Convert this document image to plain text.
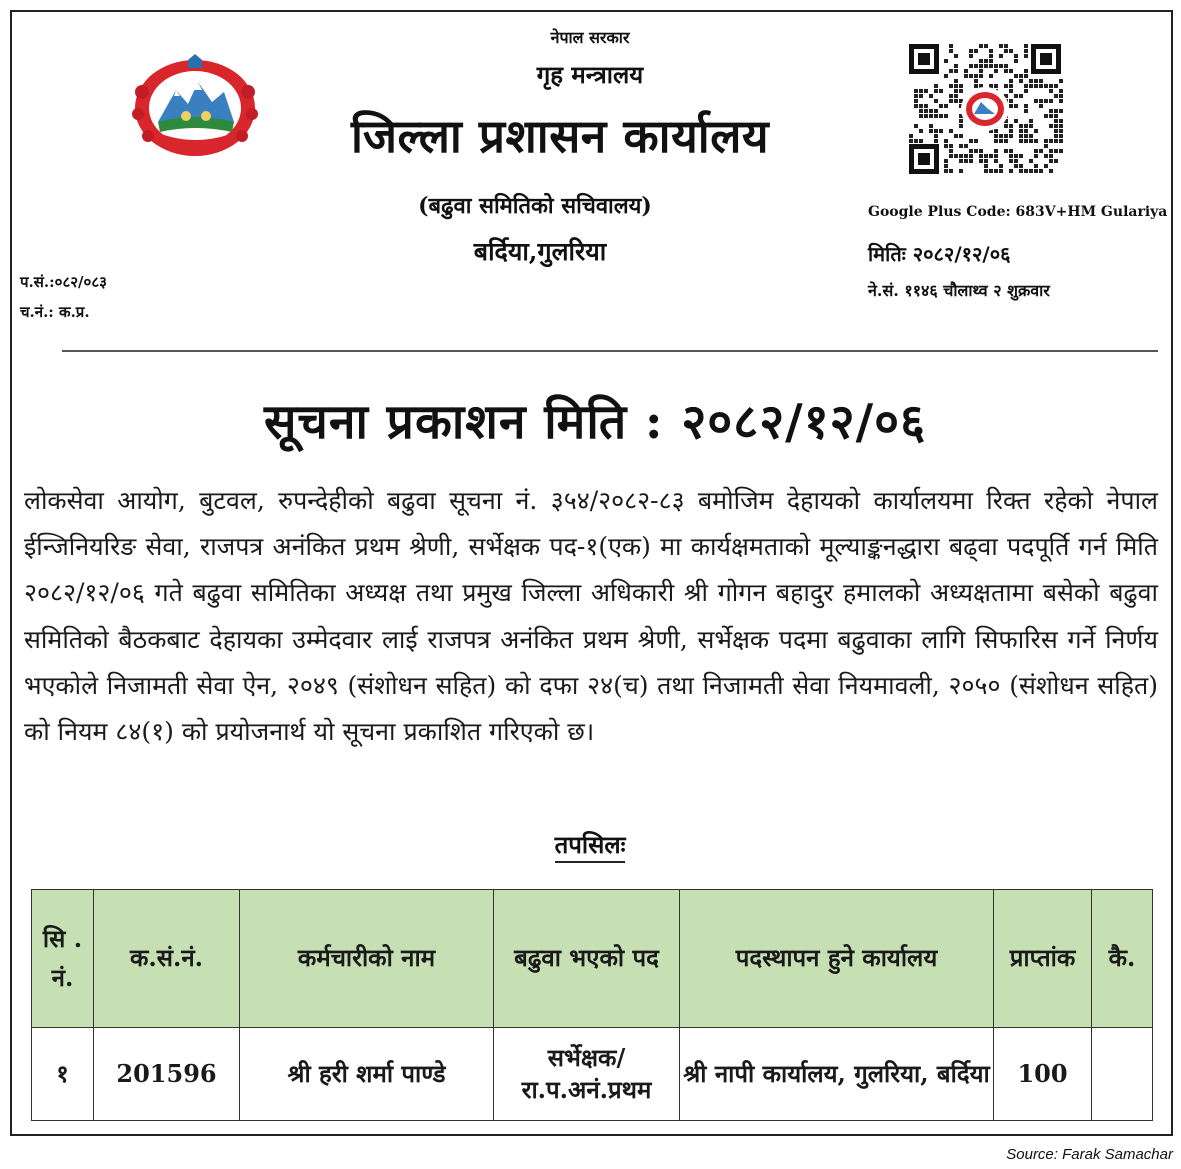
नेपाल सरकार
गृह मन्त्रालय
जिल्ला प्रशासन कार्यालय
(बढुवा समितिको सचिवालय)
बर्दिया,गुलरिया
Google Plus Code: 683V+HM Gulariya
मितिः २०८२/१२/०६
ने.सं. ११४६ चौलाथ्व २ शुक्रवार
प.सं.:०८२/०८३
च.नं.: क.प्र.
सूचना प्रकाशन मिति : २०८२/१२/०६
लोकसेवा आयोग, बुटवल, रुपन्देहीको बढुवा सूचना नं. ३५४/२०८२-८३ बमोजिम देहायको कार्यालयमा रिक्त रहेको नेपाल ईन्जिनियरिङ सेवा, राजपत्र अनंकित प्रथम श्रेणी, सर्भेक्षक पद-१(एक) मा कार्यक्षमताको मूल्याङ्कनद्धारा बढ्वा पदपूर्ति गर्न मिति २०८२/१२/०६ गते बढुवा समितिका अध्यक्ष तथा प्रमुख जिल्ला अधिकारी श्री गोगन बहादुर हमालको अध्यक्षतामा बसेको बढुवा समितिको बैठकबाट देहायका उम्मेदवार लाई राजपत्र अनंकित प्रथम श्रेणी, सर्भेक्षक पदमा बढुवाका लागि सिफारिस गर्ने निर्णय भएकोले निजामती सेवा ऐन, २०४९ (संशोधन सहित) को दफा २४(च) तथा निजामती सेवा नियमावली, २०५० (संशोधन सहित) को नियम ८४(१) को प्रयोजनार्थ यो सूचना प्रकाशित गरिएको छ।
तपसिलः
सि . नं.	क.सं.नं.	कर्मचारीको नाम	बढुवा भएको पद	पदस्थापन हुने कार्यालय	प्राप्तांक	कै.
१	201596	श्री हरी शर्मा पाण्डे	सर्भेक्षक/ रा.प.अनं.प्रथम	श्री नापी कार्यालय, गुलरिया, बर्दिया	100	
Source: Farak Samachar
